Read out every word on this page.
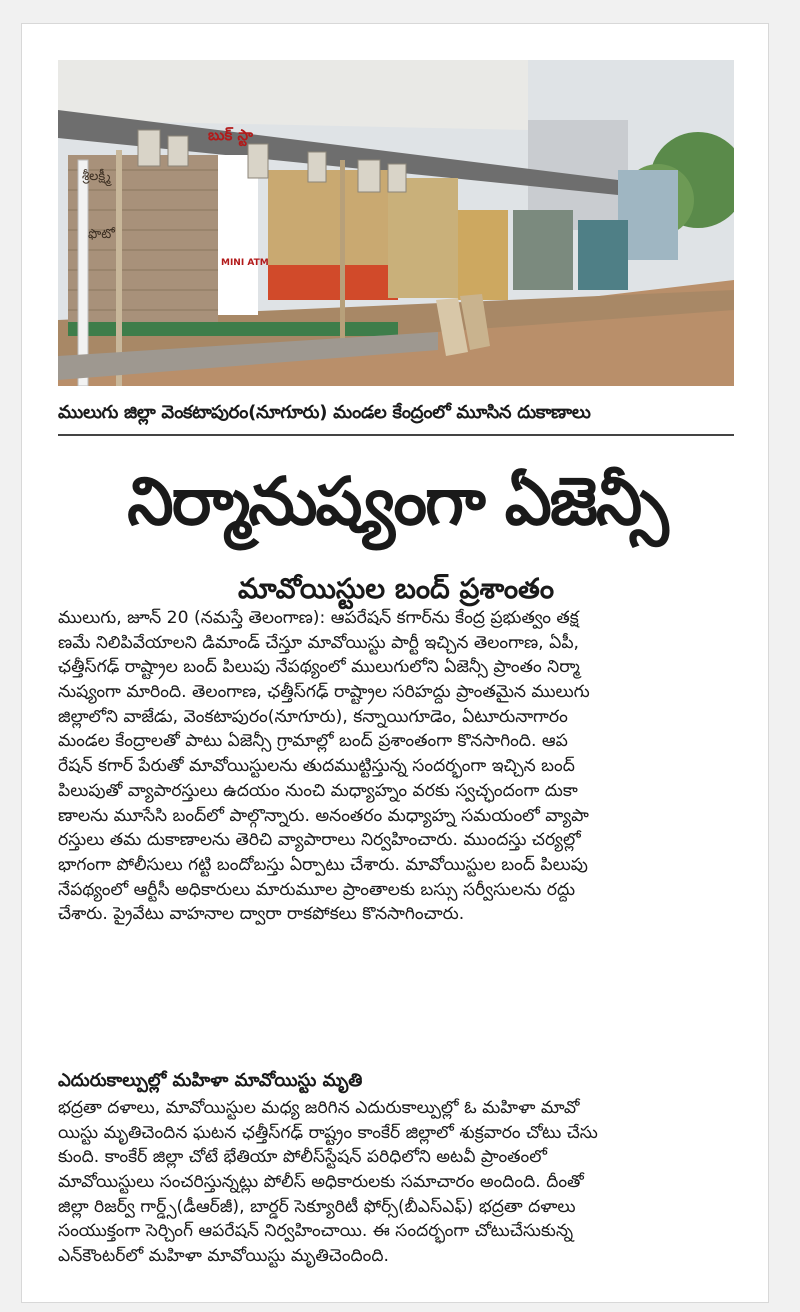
బుక్ స్టా
శ్రీలక్ష్మీ
ఫొటో
MINI ATM
ములుగు జిల్లా వెంకటాపురం(నూగూరు) మండల కేంద్రంలో మూసిన దుకాణాలు
నిర్మానుష్యంగా ఏజెన్సీ
మావోయిస్టుల బంద్ ప్రశాంతం
ములుగు, జూన్ 20 (నమస్తే తెలంగాణ): ఆపరేషన్ కగార్‌ను కేంద్ర ప్రభుత్వం తక్ష
ణమే నిలిపివేయాలని డిమాండ్ చేస్తూ మావోయిస్టు పార్టీ ఇచ్చిన తెలంగాణ, ఏపీ,
ఛత్తీస్‌గఢ్ రాష్ట్రాల బంద్ పిలుపు నేపథ్యంలో ములుగులోని ఏజెన్సీ ప్రాంతం నిర్మా
నుష్యంగా మారింది. తెలంగాణ, ఛత్తీస్‌గఢ్ రాష్ట్రాల సరిహద్దు ప్రాంతమైన ములుగు
జిల్లాలోని వాజేడు, వెంకటాపురం(నూగూరు), కన్నాయిగూడెం, ఏటూరునాగారం
మండల కేంద్రాలతో పాటు ఏజెన్సీ గ్రామాల్లో బంద్ ప్రశాంతంగా కొనసాగింది. ఆప
రేషన్ కగార్ పేరుతో మావోయిస్టులను తుదముట్టిస్తున్న సందర్భంగా ఇచ్చిన బంద్
పిలుపుతో వ్యాపారస్తులు ఉదయం నుంచి మధ్యాహ్నం వరకు స్వచ్ఛందంగా దుకా
ణాలను మూసేసి బంద్‌లో పాల్గొన్నారు. అనంతరం మధ్యాహ్న సమయంలో వ్యాపా
రస్తులు తమ దుకాణాలను తెరిచి వ్యాపారాలు నిర్వహించారు. ముందస్తు చర్యల్లో
భాగంగా పోలీసులు గట్టి బందోబస్తు ఏర్పాటు చేశారు. మావోయిస్టుల బంద్ పిలుపు
నేపథ్యంలో ఆర్టీసీ అధికారులు మారుమూల ప్రాంతాలకు బస్సు సర్వీసులను రద్దు
చేశారు. ప్రైవేటు వాహనాల ద్వారా రాకపోకలు కొనసాగించారు.
ఎదురుకాల్పుల్లో మహిళా మావోయిస్టు మృతి
భద్రతా దళాలు, మావోయిస్టుల మధ్య జరిగిన ఎదురుకాల్పుల్లో ఓ మహిళా మావో
యిస్టు మృతిచెందిన ఘటన ఛత్తీస్‌గఢ్ రాష్ట్రం కాంకేర్ జిల్లాలో శుక్రవారం చోటు చేసు
కుంది. కాంకేర్ జిల్లా చోటే భేతియా పోలీస్‌స్టేషన్ పరిధిలోని అటవీ ప్రాంతంలో
మావోయిస్టులు సంచరిస్తున్నట్లు పోలీస్ అధికారులకు సమాచారం అందింది. దీంతో
జిల్లా రిజర్వ్ గార్డ్స్(డీఆర్‌జీ), బార్డర్ సెక్యూరిటీ ఫోర్స్(బీఎస్ఎఫ్) భద్రతా దళాలు
సంయుక్తంగా సెర్చింగ్ ఆపరేషన్ నిర్వహించాయి. ఈ సందర్భంగా చోటుచేసుకున్న
ఎన్‌కౌంటర్‌లో మహిళా మావోయిస్టు మృతిచెందింది.
